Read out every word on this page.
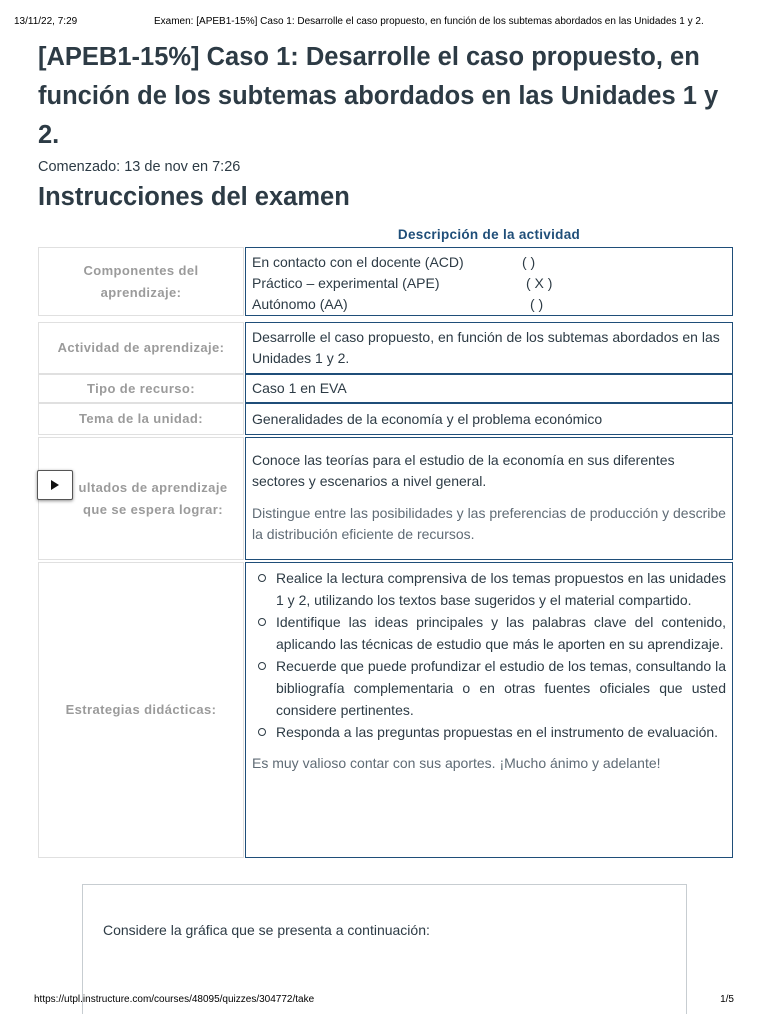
13/11/22, 7:29	Examen: [APEB1-15%] Caso 1: Desarrolle el caso propuesto, en función de los subtemas abordados en las Unidades 1 y 2.
[APEB1-15%] Caso 1: Desarrolle el caso propuesto, en función de los subtemas abordados en las Unidades 1 y 2.
Comenzado: 13 de nov en 7:26
Instrucciones del examen
Descripción de la actividad
Componentes del aprendizaje:
En contacto con el docente (ACD)	( )
Práctico – experimental (APE)	( X )
Autónomo (AA)	( )
Actividad de aprendizaje:
Desarrolle el caso propuesto, en función de los subtemas abordados en las Unidades 1 y 2.
Tipo de recurso:	Caso 1 en EVA
Tema de la unidad:	Generalidades de la economía y el problema económico
ultados de aprendizaje que se espera lograr:

Conoce las teorías para el estudio de la economía en sus diferentes sectores y escenarios a nivel general.

Distingue entre las posibilidades y las preferencias de producción y describe la distribución eficiente de recursos.

Estrategias didácticas:
Realice la lectura comprensiva de los temas propuestos en las unidades 1 y 2, utilizando los textos base sugeridos y el material compartido.
Identifique las ideas principales y las palabras clave del contenido, aplicando las técnicas de estudio que más le aporten en su aprendizaje.
Recuerde que puede profundizar el estudio de los temas, consultando la bibliografía complementaria o en otras fuentes oficiales que usted considere pertinentes.
Responda a las preguntas propuestas en el instrumento de evaluación.

Es muy valioso contar con sus aportes. ¡Mucho ánimo y adelante!

Considere la gráfica que se presenta a continuación:
https://utpl.instructure.com/courses/48095/quizzes/304772/take	1/5
